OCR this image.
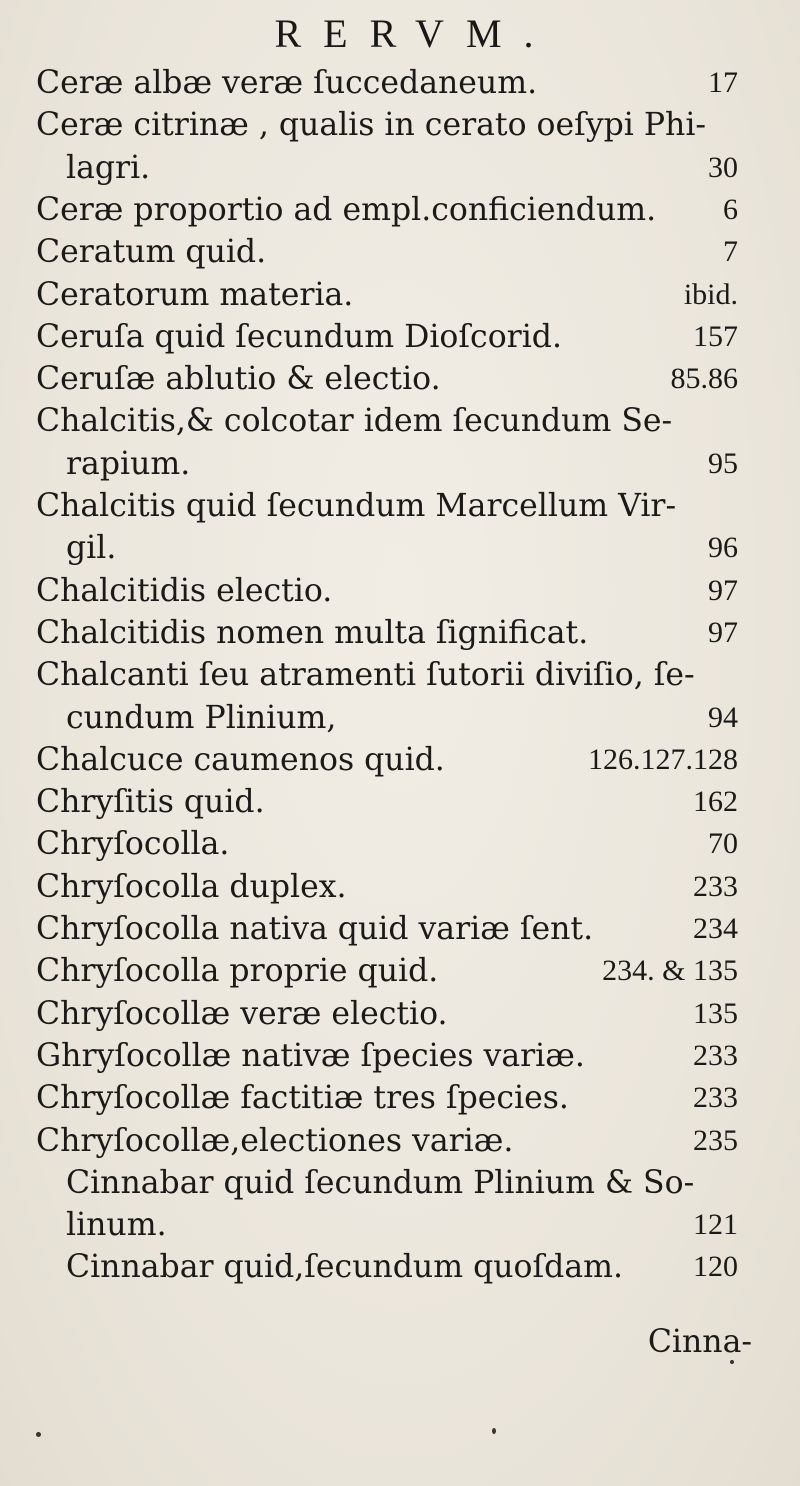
RERVM.
Ceræ albæ veræ ſuccedaneum.	17
Ceræ citrinæ , qualis in cerato oeſypi Phi-
lagri.	30
Ceræ proportio ad empl.conficiendum. 6
Ceratum quid.	7
Ceratorum materia.	ibid.
Ceruſa quid ſecundum Dioſcorid.	157
Ceruſæ ablutio & electio.	85.86
Chalcitis,& colcotar idem ſecundum Se-
rapium.	95
Chalcitis quid ſecundum Marcellum Vir-
gil.	96
Chalcitidis electio.	97
Chalcitidis nomen multa ſignificat.	97
Chalcanti ſeu atramenti ſutorii diviſio, ſe-
cundum Plinium,	94
Chalcuce caumenos quid.	126.127.128
Chryſitis quid.	162
Chryſocolla.	70
Chryſocolla duplex.	233
Chryſocolla nativa quid variæ ſent.	234
Chryſocolla proprie quid.	234. & 135
Chryſocollæ veræ electio.	135
Ghryſocollæ nativæ ſpecies variæ.	233
Chryſocollæ factitiæ tres ſpecies.	233
Chryſocollæ,electiones variæ.	235
Cinnabar quid ſecundum Plinium & So-
linum.	121
Cinnabar quid,ſecundum quoſdam. 120
Cinna-
